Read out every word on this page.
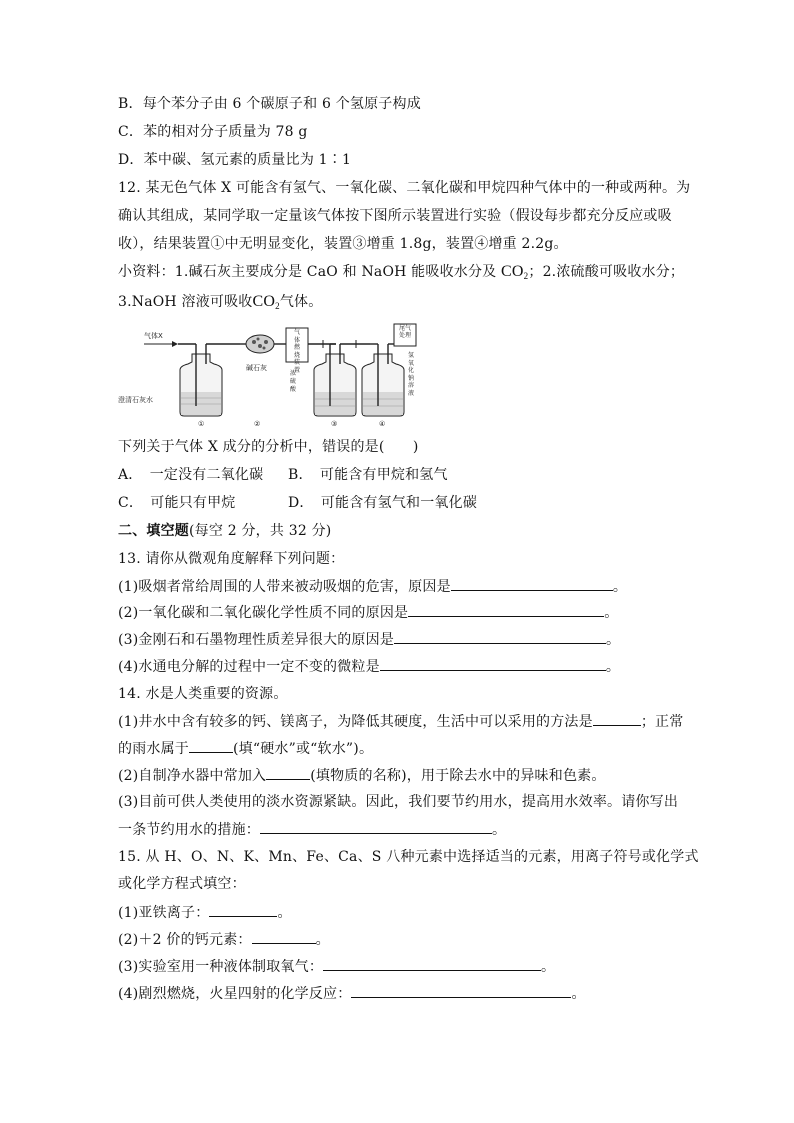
B．每个苯分子由 6 个碳原子和 6 个氢原子构成
C．苯的相对分子质量为 78 g
D．苯中碳、氢元素的质量比为 1∶1
12. 某无色气体 X 可能含有氢气、一氧化碳、二氧化碳和甲烷四种气体中的一种或两种。为
确认其组成，某同学取一定量该气体按下图所示装置进行实验（假设每步都充分反应或吸
收），结果装置①中无明显变化，装置③增重 1.8g，装置④增重 2.2g。
小资料：1.碱石灰主要成分是 CaO 和 NaOH 能吸收水分及 $CO_2$；2.浓硫酸可吸收水分；
3.NaOH 溶液可吸收$CO_2$气体。
气体X
澄清石灰水
①
碱石灰
②
气体燃烧装置
浓硫酸
③	④
尾气处理
氢氧化钠溶液
下列关于气体 X 成分的分析中，错误的是(　　)
A．　一定没有二氧化碳 B．　可能含有甲烷和氢气
C．　可能只有甲烷	D．　可能含有氢气和一氧化碳
二、填空题(每空 2 分，共 32 分)
13. 请你从微观角度解释下列问题：
(1)吸烟者常给周围的人带来被动吸烟的危害，原因是	。
(2)一氧化碳和二氧化碳化学性质不同的原因是	。
(3)金刚石和石墨物理性质差异很大的原因是	。
(4)水通电分解的过程中一定不变的微粒是	。
14. 水是人类重要的资源。
(1)井水中含有较多的钙、镁离子，为降低其硬度，生活中可以采用的方法是	；正常
的雨水属于	(填“硬水”或“软水”)。
(2)自制净水器中常加入	(填物质的名称)，用于除去水中的异味和色素。
(3)目前可供人类使用的淡水资源紧缺。因此，我们要节约用水，提高用水效率。请你写出
一条节约用水的措施：	。
15. 从 H、O、N、K、Mn、Fe、Ca、S 八种元素中选择适当的元素，用离子符号或化学式
或化学方程式填空：
(1)亚铁离子：	。
(2)＋2 价的钙元素：	。
(3)实验室用一种液体制取氧气：	。
(4)剧烈燃烧，火星四射的化学反应：	。
